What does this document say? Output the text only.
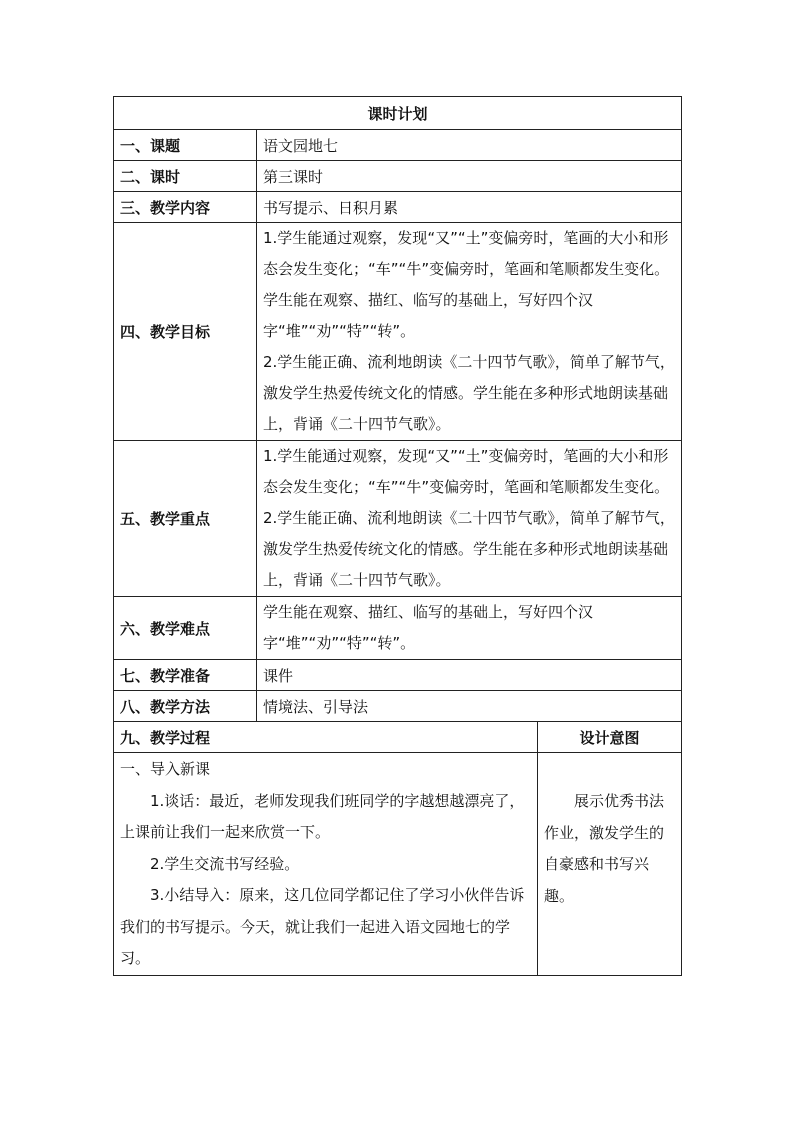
课时计划		
一、课题	语文园地七	
二、课时	第三课时	
三、教学内容	书写提示、日积月累	
四、教学目标	1.学生能通过观察，发现“又”“土”变偏旁时，笔画的大小和形态会发生变化；“车”“牛”变偏旁时，笔画和笔顺都发生变化。学生能在观察、描红、临写的基础上，写好四个汉字“堆”“劝”“特”“转”。

2.学生能正确、流利地朗读《二十四节气歌》，简单了解节气，激发学生热爱传统文化的情感。学生能在多种形式地朗读基础上，背诵《二十四节气歌》。	

五、教学重点	1.学生能通过观察，发现“又”“土”变偏旁时，笔画的大小和形态会发生变化；“车”“牛”变偏旁时，笔画和笔顺都发生变化。

2.学生能正确、流利地朗读《二十四节气歌》，简单了解节气，激发学生热爱传统文化的情感。学生能在多种形式地朗读基础上，背诵《二十四节气歌》。	

六、教学难点	学生能在观察、描红、临写的基础上，写好四个汉字“堆”“劝”“特”“转”。	

七、教学准备	课件	
八、教学方法	情境法、引导法	
九、教学过程		设计意图

一、导入新课

1.谈话：最近，老师发现我们班同学的字越想越漂亮了，上课前让我们一起来欣赏一下。

2.学生交流书写经验。

3.小结导入：原来，这几位同学都记住了学习小伙伴告诉我们的书写提示。今天，就让我们一起进入语文园地七的学习。		展示优秀书法作业，激发学生的自豪感和书写兴趣。
